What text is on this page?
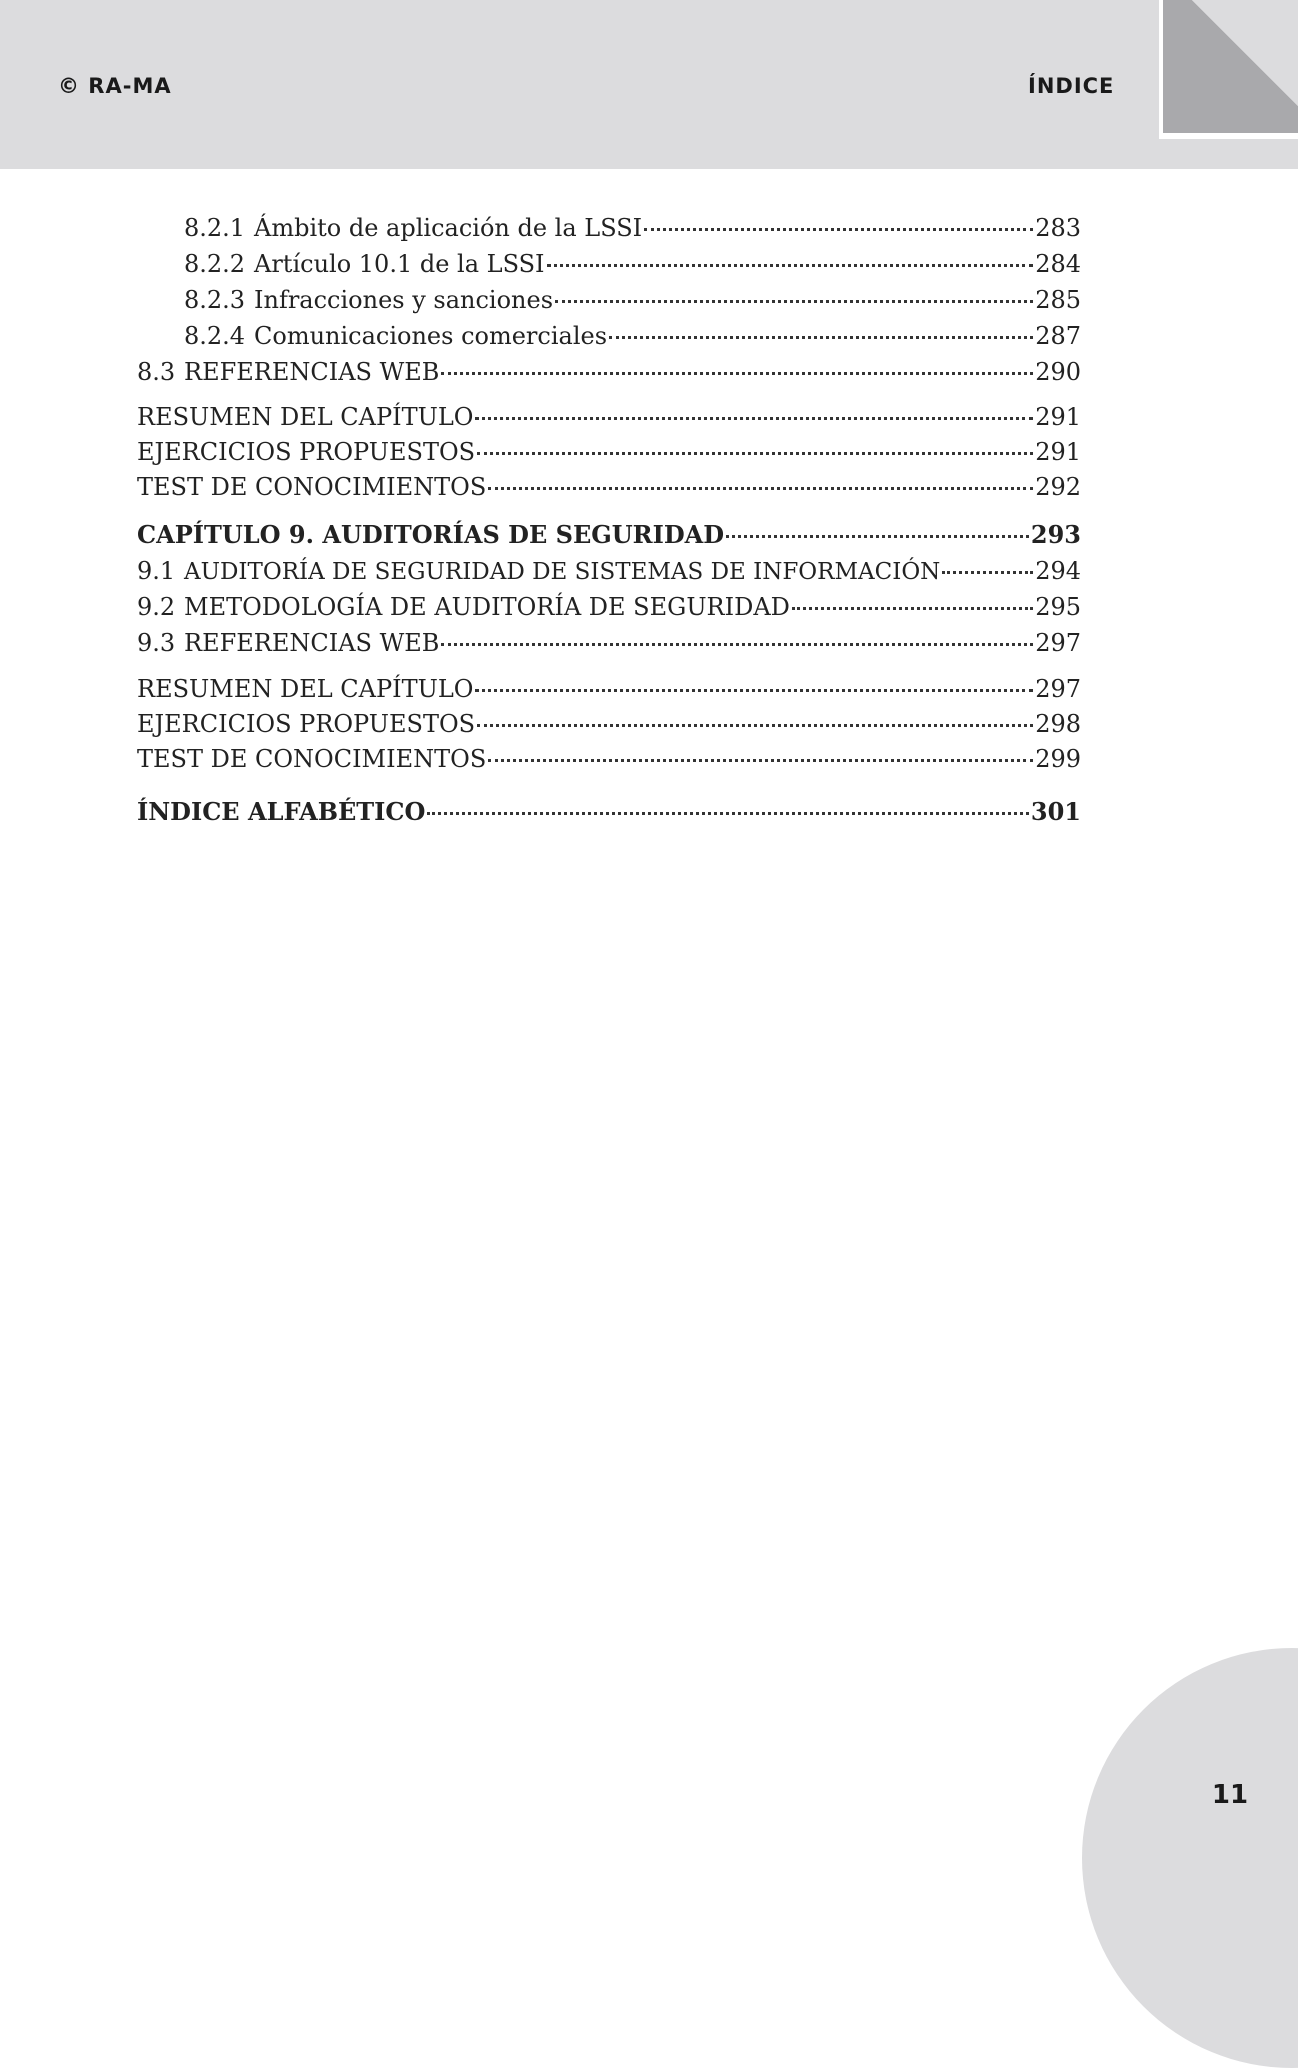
© RA-MA	ÍNDICE
8.2.1 Ámbito de aplicación de la LSSI	283
8.2.2 Artículo 10.1 de la LSSI	284
8.2.3 Infracciones y sanciones	285
8.2.4 Comunicaciones comerciales	287
8.3 REFERENCIAS WEB	290
RESUMEN DEL CAPÍTULO	291
EJERCICIOS PROPUESTOS	291
TEST DE CONOCIMIENTOS	292
CAPÍTULO 9. AUDITORÍAS DE SEGURIDAD	293
9.1 AUDITORÍA DE SEGURIDAD DE SISTEMAS DE INFORMACIÓN	294
9.2 METODOLOGÍA DE AUDITORÍA DE SEGURIDAD	295
9.3 REFERENCIAS WEB	297
RESUMEN DEL CAPÍTULO	297
EJERCICIOS PROPUESTOS	298
TEST DE CONOCIMIENTOS	299
ÍNDICE ALFABÉTICO	301
11
